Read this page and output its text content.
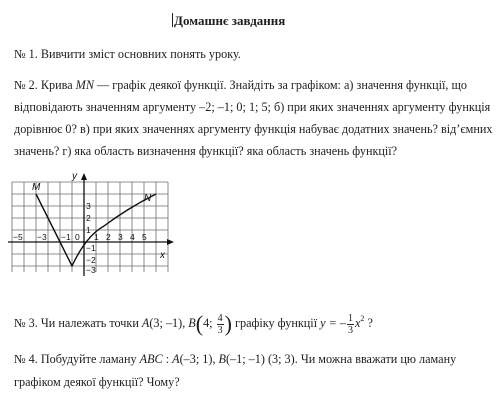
Домашнє завдання
№ 1. Вивчити зміст основних понять уроку.
№ 2. Крива MN — графік деякої функції. Знайдіть за графіком: а) значення функції, що
відповідають значенням аргументу –2; –1; 0; 1; 5; б) при яких значеннях аргументу функція
дорівнює 0? в) при яких значеннях аргументу функція набуває додатних значень? від’ємних
значень? г) яка область визначення функції? яка область значень функції?
x
y
−5 −3 −1 0 1 2 3 4 5
3
2
1
−1
−2
−3
M
N
№ 3. Чи належать точки A(3; –1), B(4; $\frac{4}{3}$ ) графіку функції y = – $\frac{1}{3} x^2$ ?
№ 4. Побудуйте ламану ABC : A(–3; 1), B(–1; –1) (3; 3). Чи можна вважати цю ламану
графіком деякої функції? Чому?
